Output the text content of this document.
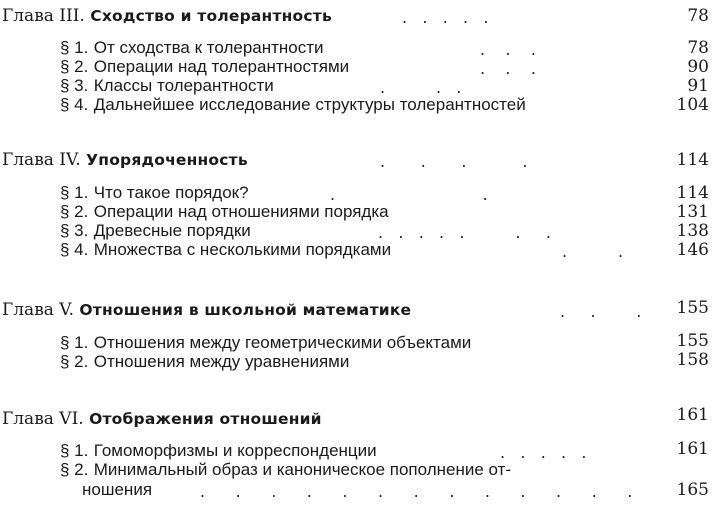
Глава III. Сходство и толерантность	.   .   .   .   .	78
§ 1. От сходства к толерантности	.    .    .	78
§ 2. Операции над толерантностями	.    .    .	90
§ 3. Классы толерантности	.          .   .	91
§ 4. Дальнейшее исследование структуры толерантностей	104
Глава IV. Упорядоченность	.       .       .           .	114
§ 1. Что такое порядок?	.                             .	114
§ 2. Операции над отношениями порядка	131
§ 3. Древесные порядки	.   .   .   .   .          .     .	138
§ 4. Множества с несколькими порядками	.          .	146
Глава V. Отношения в школьной математике	.     .        . 155
§ 1. Отношения между геометрическими объектами	155
§ 2. Отношения между уравнениями	158
Глава VI. Отображения отношений	161
§ 1. Гомоморфизмы и корреспонденции	.   .   .   .   .	161
§ 2. Минимальный образ и каноническое пополнение от-
ношения	.      .      .      .      .      .      .      .      .      .      .      .      .	165
